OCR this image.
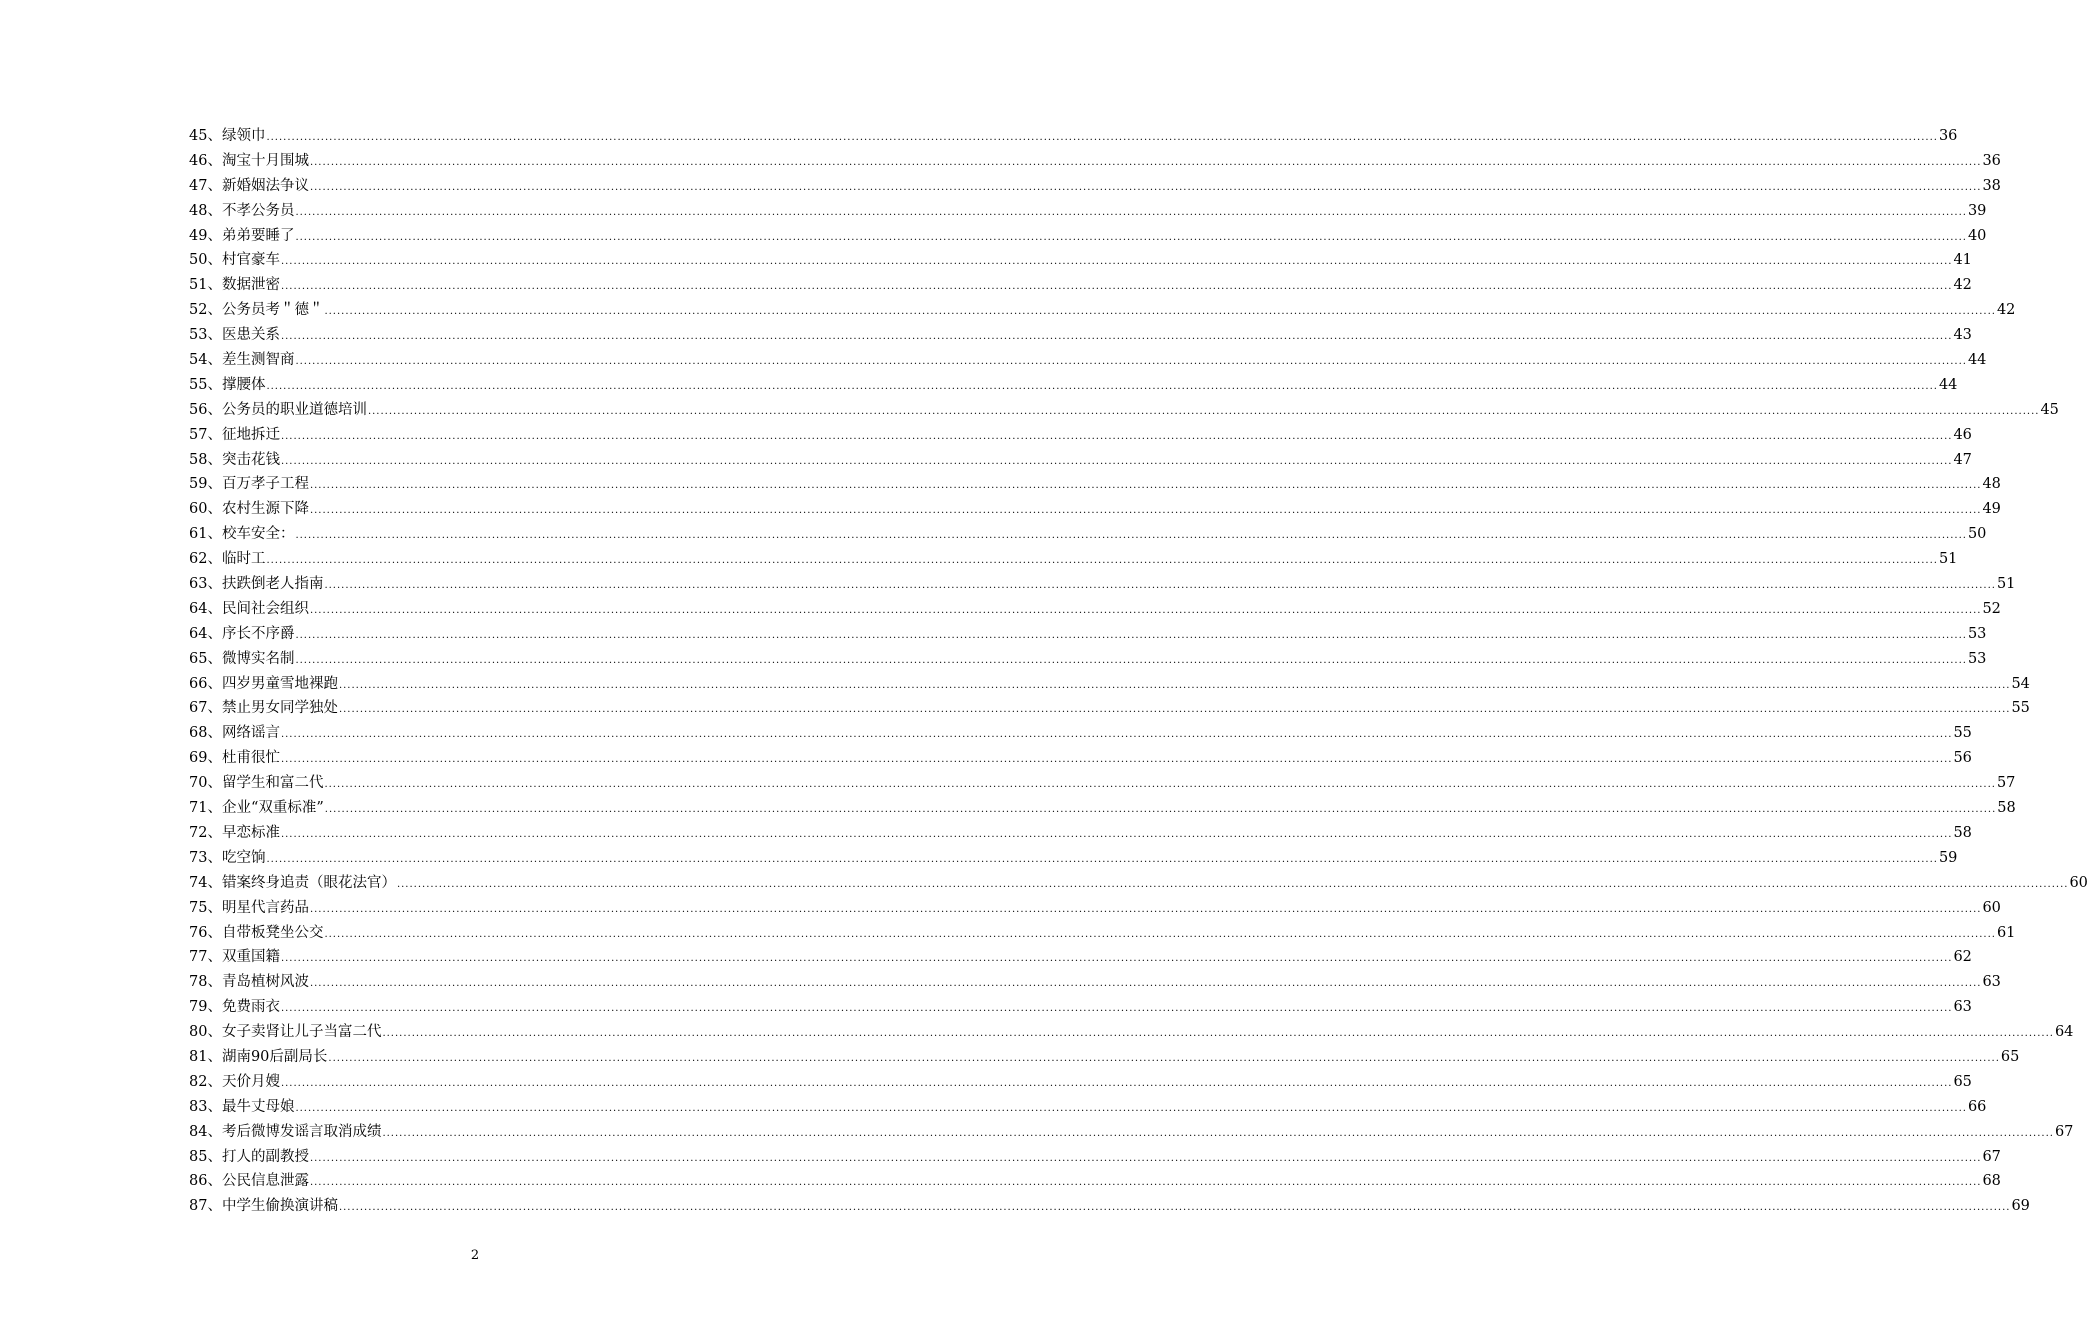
45、绿领巾 ................................................................................................................................................................................................................................................................................................................................................................................................................ 36
46、淘宝十月围城 ................................................................................................................................................................................................................................................................................................................................................................................................................ 36
47、新婚姻法争议 ................................................................................................................................................................................................................................................................................................................................................................................................................ 38
48、不孝公务员 ................................................................................................................................................................................................................................................................................................................................................................................................................ 39
49、弟弟要睡了 ................................................................................................................................................................................................................................................................................................................................................................................................................ 40
50、村官豪车 ................................................................................................................................................................................................................................................................................................................................................................................................................ 41
51、数据泄密 ................................................................................................................................................................................................................................................................................................................................................................................................................ 42
52、公务员考＂德＂ ................................................................................................................................................................................................................................................................................................................................................................................................................ 42
53、医患关系 ................................................................................................................................................................................................................................................................................................................................................................................................................ 43
54、差生测智商 ................................................................................................................................................................................................................................................................................................................................................................................................................ 44
55、撑腰体 ................................................................................................................................................................................................................................................................................................................................................................................................................ 44
56、公务员的职业道德培训 ................................................................................................................................................................................................................................................................................................................................................................................................................ 45
57、征地拆迁 ................................................................................................................................................................................................................................................................................................................................................................................................................ 46
58、突击花钱 ................................................................................................................................................................................................................................................................................................................................................................................................................ 47
59、百万孝子工程 ................................................................................................................................................................................................................................................................................................................................................................................................................ 48
60、农村生源下降 ................................................................................................................................................................................................................................................................................................................................................................................................................ 49
61、校车安全： ................................................................................................................................................................................................................................................................................................................................................................................................................ 50
62、临时工 ................................................................................................................................................................................................................................................................................................................................................................................................................ 51
63、扶跌倒老人指南 ................................................................................................................................................................................................................................................................................................................................................................................................................ 51
64、民间社会组织 ................................................................................................................................................................................................................................................................................................................................................................................................................ 52
64、序长不序爵 ................................................................................................................................................................................................................................................................................................................................................................................................................ 53
65、微博实名制 ................................................................................................................................................................................................................................................................................................................................................................................................................ 53
66、四岁男童雪地裸跑 ................................................................................................................................................................................................................................................................................................................................................................................................................ 54
67、禁止男女同学独处 ................................................................................................................................................................................................................................................................................................................................................................................................................ 55
68、网络谣言 ................................................................................................................................................................................................................................................................................................................................................................................................................ 55
69、杜甫很忙 ................................................................................................................................................................................................................................................................................................................................................................................................................ 56
70、留学生和富二代 ................................................................................................................................................................................................................................................................................................................................................................................................................ 57
71、企业“双重标准” ................................................................................................................................................................................................................................................................................................................................................................................................................ 58
72、早恋标准 ................................................................................................................................................................................................................................................................................................................................................................................................................ 58
73、吃空饷 ................................................................................................................................................................................................................................................................................................................................................................................................................ 59
74、错案终身追责（眼花法官） ................................................................................................................................................................................................................................................................................................................................................................................................................ 60
75、明星代言药品 ................................................................................................................................................................................................................................................................................................................................................................................................................ 60
76、自带板凳坐公交 ................................................................................................................................................................................................................................................................................................................................................................................................................ 61
77、双重国籍 ................................................................................................................................................................................................................................................................................................................................................................................................................ 62
78、青岛植树风波 ................................................................................................................................................................................................................................................................................................................................................................................................................ 63
79、免费雨衣 ................................................................................................................................................................................................................................................................................................................................................................................................................ 63
80、女子卖肾让儿子当富二代 ................................................................................................................................................................................................................................................................................................................................................................................................................ 64
81、湖南90后副局长 ................................................................................................................................................................................................................................................................................................................................................................................................................ 65
82、天价月嫂 ................................................................................................................................................................................................................................................................................................................................................................................................................ 65
83、最牛丈母娘 ................................................................................................................................................................................................................................................................................................................................................................................................................ 66
84、考后微博发谣言取消成绩 ................................................................................................................................................................................................................................................................................................................................................................................................................ 67
85、打人的副教授 ................................................................................................................................................................................................................................................................................................................................................................................................................ 67
86、公民信息泄露 ................................................................................................................................................................................................................................................................................................................................................................................................................ 68
87、中学生偷换演讲稿 ................................................................................................................................................................................................................................................................................................................................................................................................................ 69
2
